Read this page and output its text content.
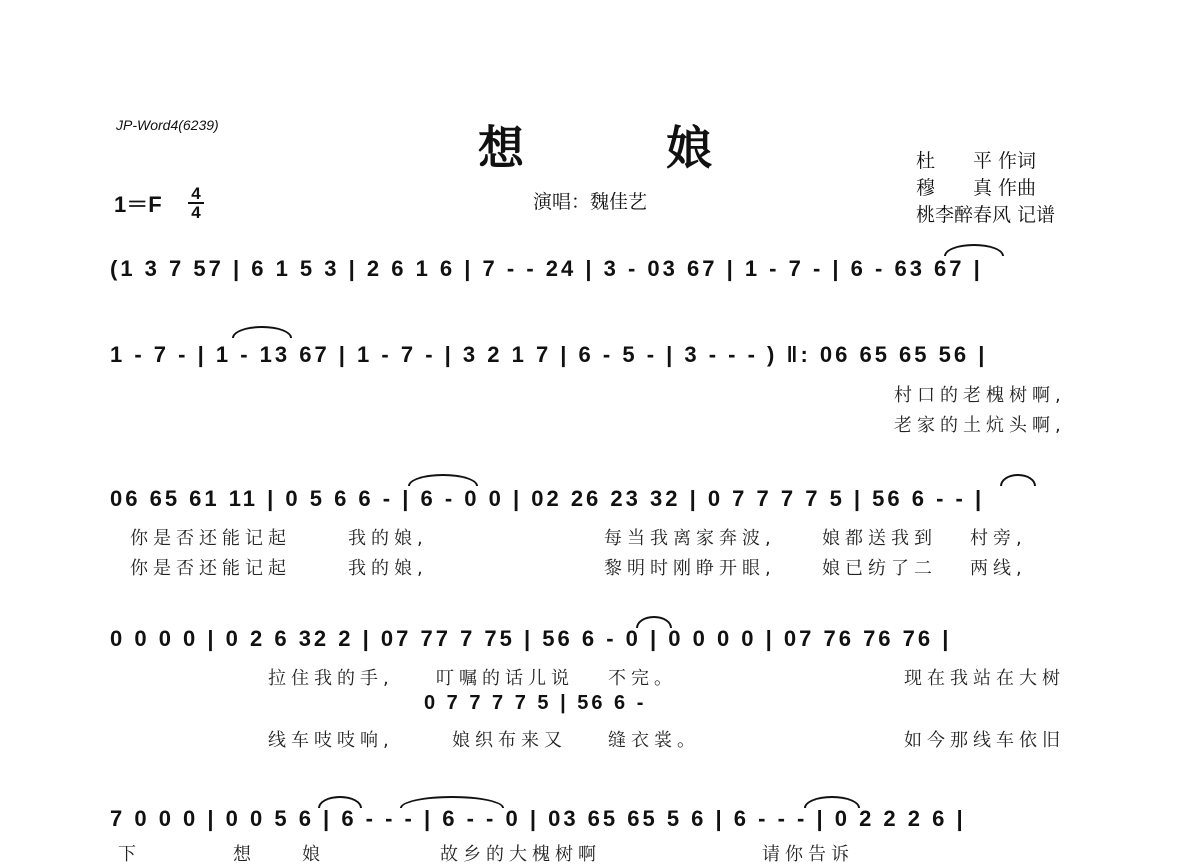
JP-Word4(6239)	想	娘	杜　　平 作词
穆　　真 作曲
桃李醉春风 记谱
1＝F	4
4	演唱：魏佳艺
(1 3 7 57 | 6 1 5 3 | 2 6 1 6 | 7 - - 24 | 3 - 03 67 | 1 - 7 - | 6 - 63 67 |
1 - 7 - | 1 - 13 67 | 1 - 7 - | 3 2 1 7 | 6 - 5 - | 3 - - - ) ‖: 06 65 65 56 |
村口的老槐树啊,
老家的土炕头啊,
06 65 61 11 | 0 5 6 6 - | 6 - 0 0 | 02 26 23 32 | 0 7 7 7 7 5 | 56 6 - - |
你是否还能记起	我的娘,	每当我离家奔波,	娘都送我到 村旁,
你是否还能记起	我的娘,	黎明时刚睁开眼,	娘已纺了二 两线,
0 0 0 0 | 0 2 6 32 2 | 07 77 7 75 | 56 6 - 0 | 0 0 0 0 | 07 76 76 76 |
拉住我的手, 叮嘱的话儿说 不完。	现在我站在大树
0 7 7 7 7 5 | 56 6 -
线车吱吱响,	娘织布来又 缝衣裳。	如今那线车依旧
7 0 0 0 | 0 0 5 6 | 6 - - - | 6 - - 0 | 03 65 65 5 6 | 6 - - - | 0 2 2 2 6 |
下　　　　想　　娘　　　　　故乡的大槐树啊　　　　　　　请你告诉
